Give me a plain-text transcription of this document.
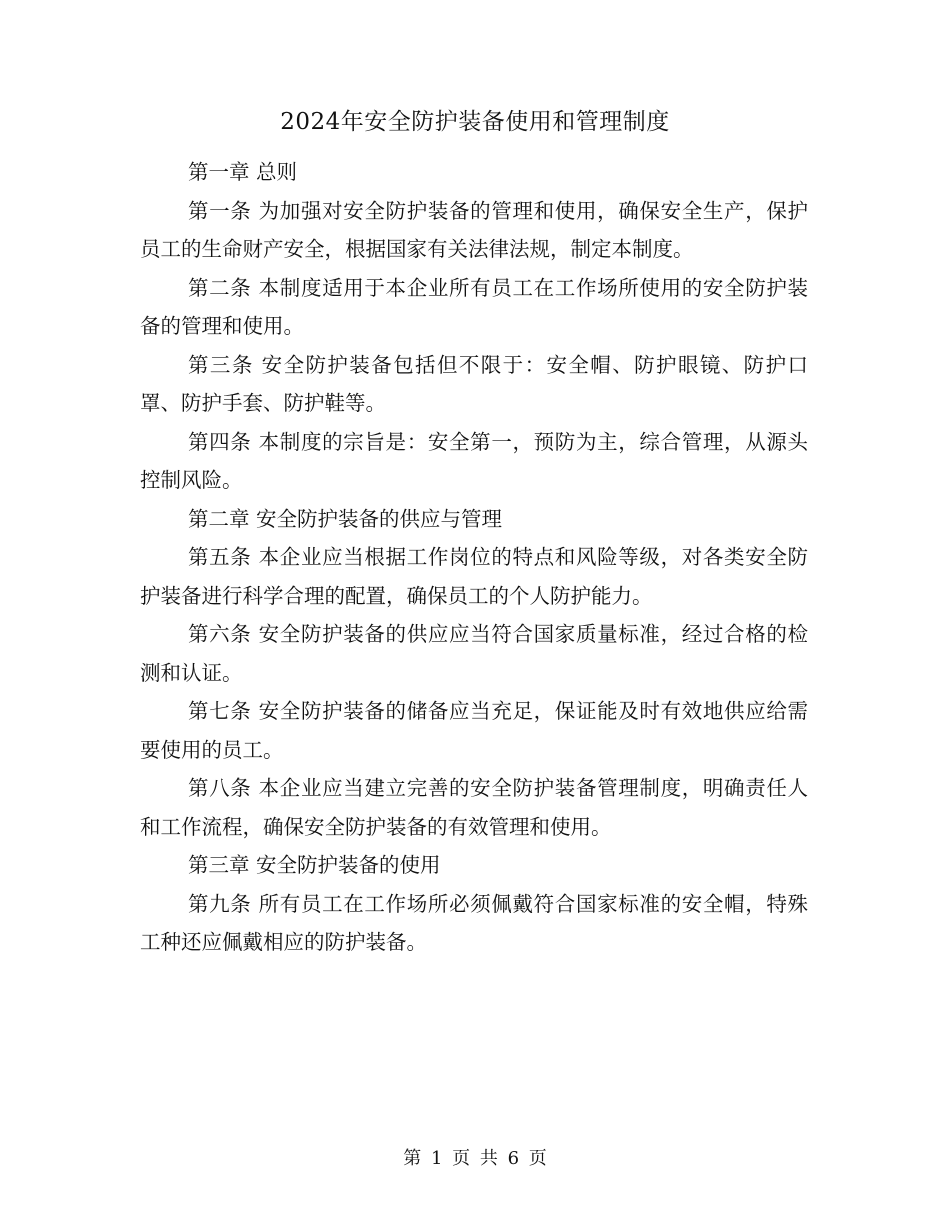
2024年安全防护装备使用和管理制度

第一章 总则

第一条 为加强对安全防护装备的管理和使用，确保安全生产，保护员工的生命财产安全，根据国家有关法律法规，制定本制度。

第二条 本制度适用于本企业所有员工在工作场所使用的安全防护装备的管理和使用。

第三条 安全防护装备包括但不限于：安全帽、防护眼镜、防护口罩、防护手套、防护鞋等。

第四条 本制度的宗旨是：安全第一，预防为主，综合管理，从源头控制风险。

第二章 安全防护装备的供应与管理

第五条 本企业应当根据工作岗位的特点和风险等级，对各类安全防护装备进行科学合理的配置，确保员工的个人防护能力。

第六条 安全防护装备的供应应当符合国家质量标准，经过合格的检测和认证。

第七条 安全防护装备的储备应当充足，保证能及时有效地供应给需要使用的员工。

第八条 本企业应当建立完善的安全防护装备管理制度，明确责任人和工作流程，确保安全防护装备的有效管理和使用。

第三章 安全防护装备的使用

第九条 所有员工在工作场所必须佩戴符合国家标准的安全帽，特殊工种还应佩戴相应的防护装备。

第 1 页 共 6 页
